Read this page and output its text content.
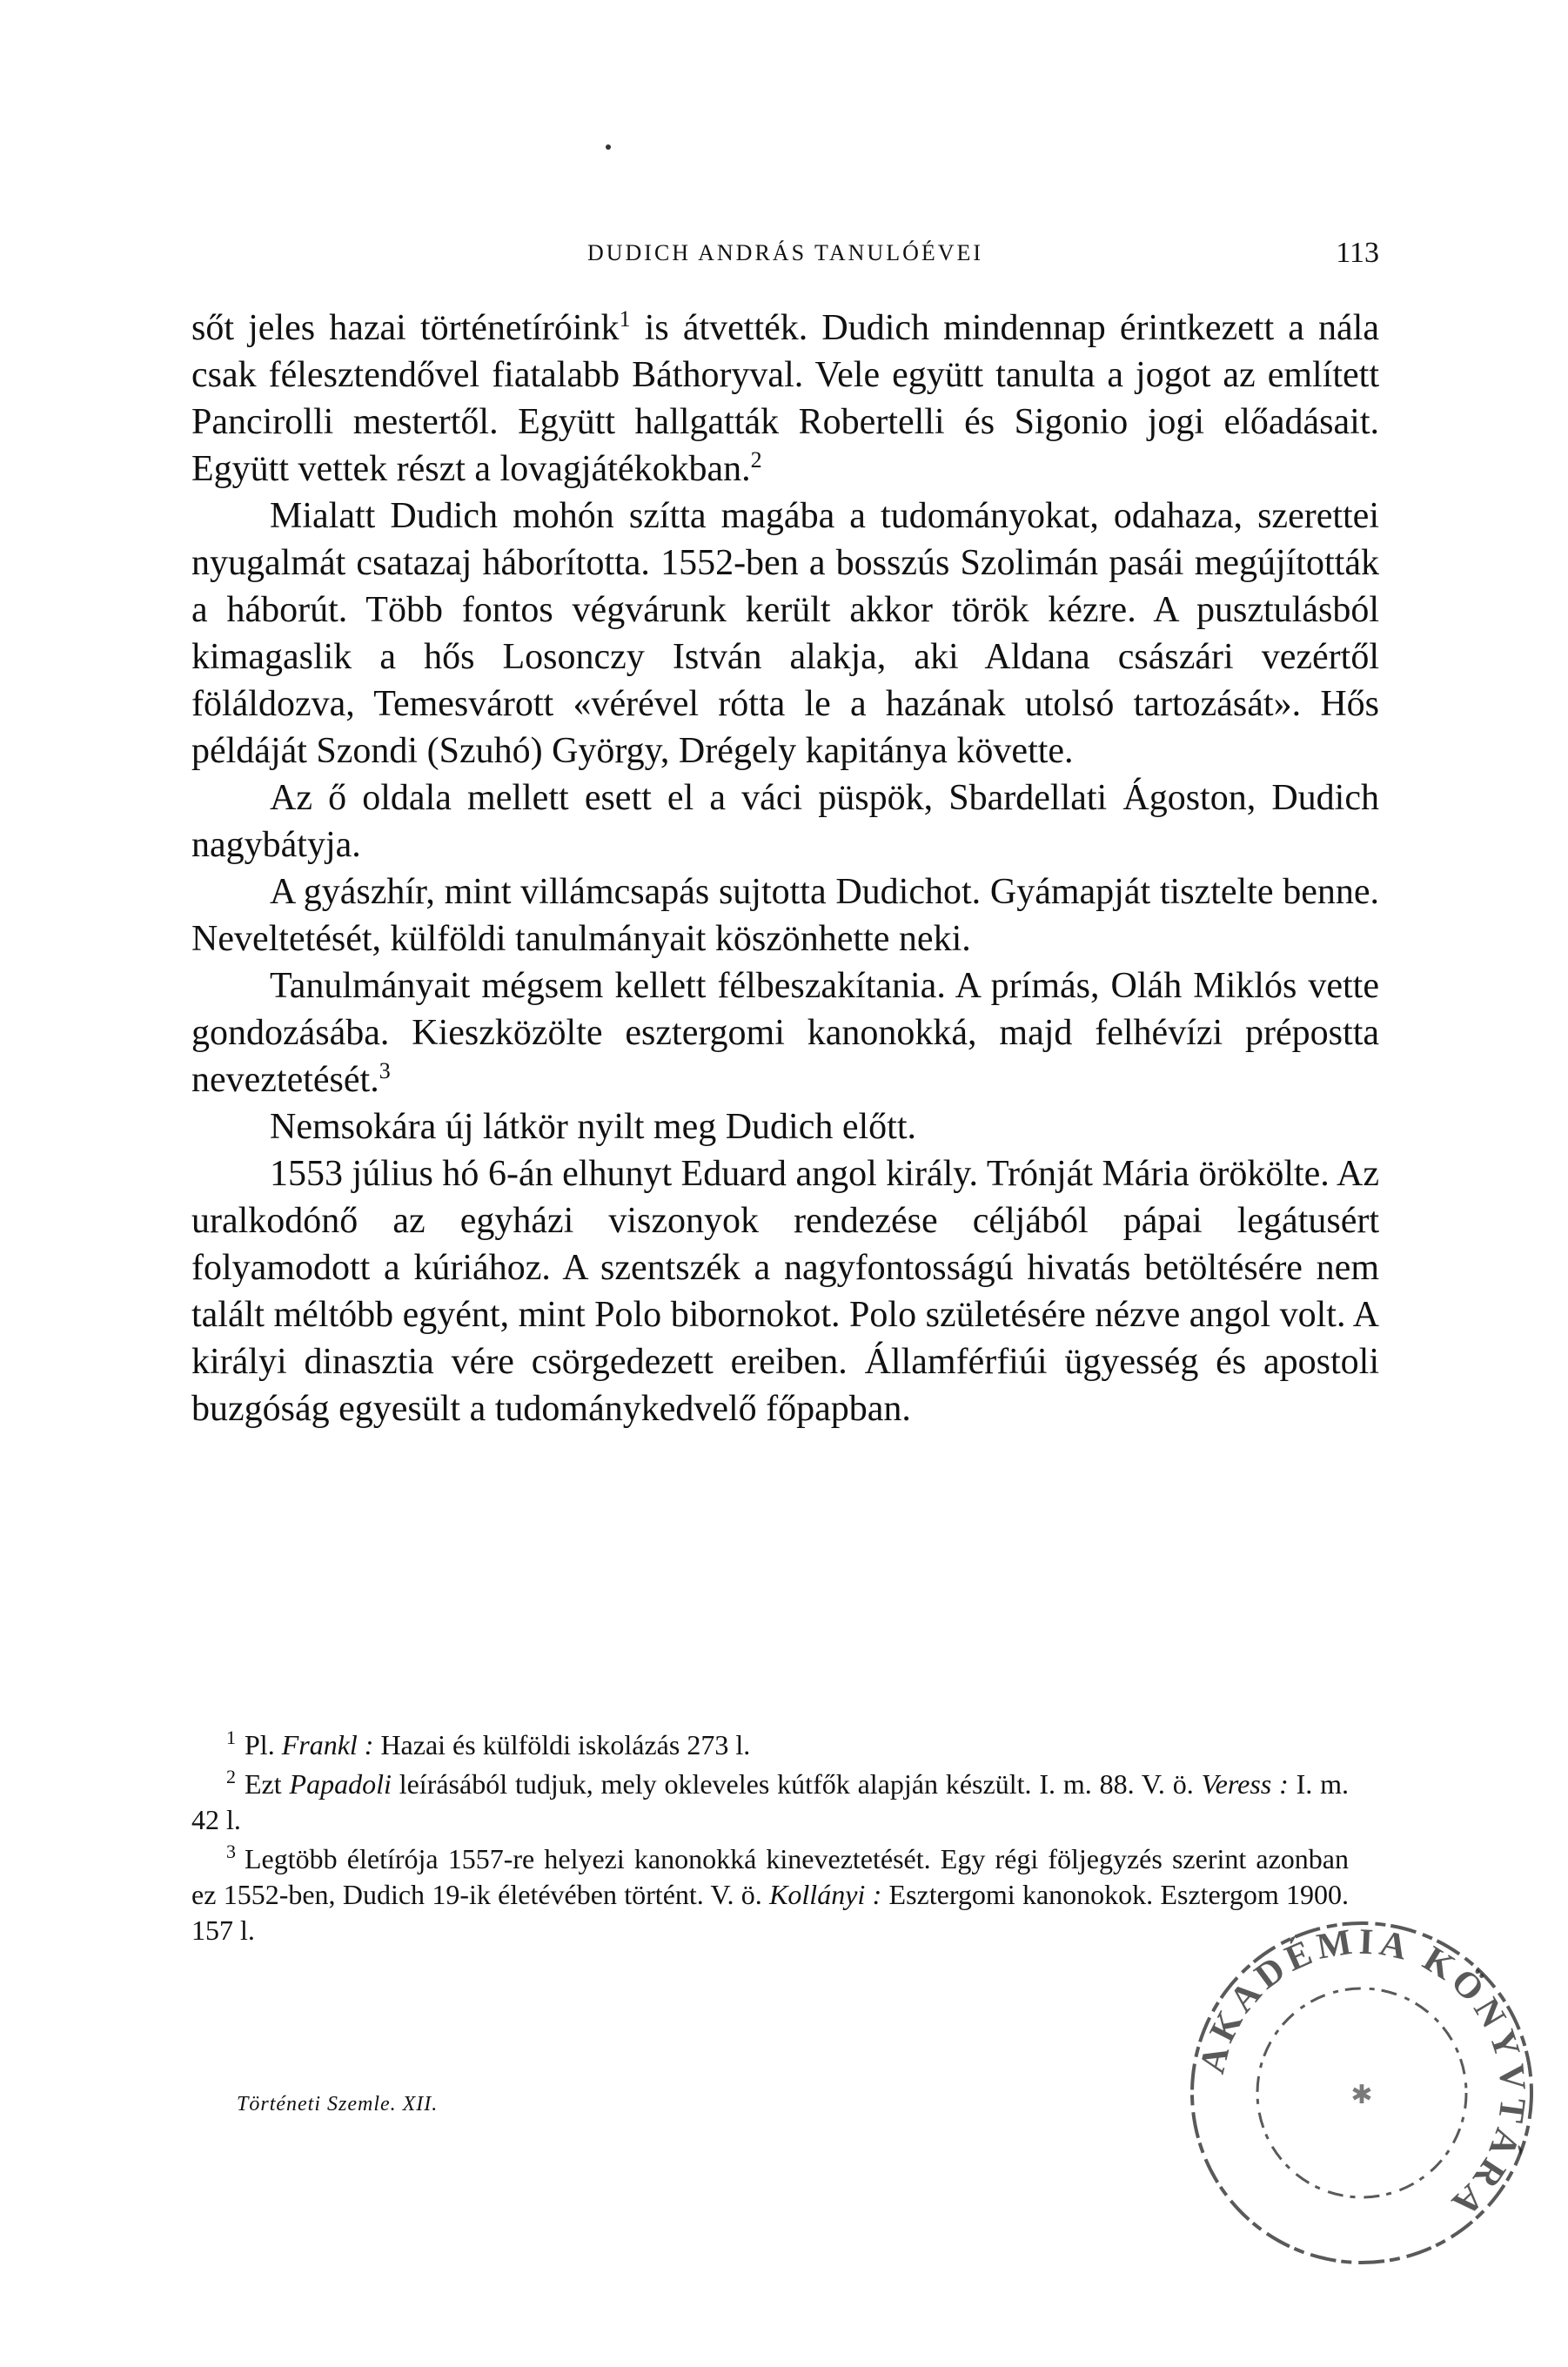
DUDICH ANDRÁS TANULÓÉVEI	113

sőt jeles hazai történetíróink$^1$ is átvették. Dudich mindennap érintkezett a nála csak félesztendővel fiatalabb Báthoryval. Vele együtt tanulta a jogot az említett Pancirolli mestertől. Együtt hallgatták Robertelli és Sigonio jogi előadásait. Együtt vettek részt a lovagjátékokban.$^2$

Mialatt Dudich mohón szítta magába a tudományokat, odahaza, szerettei nyugalmát csatazaj háborította. 1552-ben a bosszús Szolimán pasái megújították a háborút. Több fontos végvárunk került akkor török kézre. A pusztulásból kimagaslik a hős Losonczy István alakja, aki Aldana császári vezértől föláldozva, Temesvárott «vérével rótta le a hazának utolsó tartozását». Hős példáját Szondi (Szuhó) György, Drégely kapitánya követte.

Az ő oldala mellett esett el a váci püspök, Sbardellati Ágoston, Dudich nagybátyja.

A gyászhír, mint villámcsapás sujtotta Dudichot. Gyámapját tisztelte benne. Neveltetését, külföldi tanulmányait köszönhette neki.

Tanulmányait mégsem kellett félbeszakítania. A prímás, Oláh Miklós vette gondozásába. Kieszközölte esztergomi kanonokká, majd felhévízi prépostta neveztetését.$^3$

Nemsokára új látkör nyilt meg Dudich előtt.

1553 július hó 6-án elhunyt Eduard angol király. Trónját Mária örökölte. Az uralkodónő az egyházi viszonyok rendezése céljából pápai legátusért folyamodott a kúriához. A szentszék a nagyfontosságú hivatás betöltésére nem talált méltóbb egyént, mint Polo bibornokot. Polo születésére nézve angol volt. A királyi dinasztia vére csörgedezett ereiben. Államférfiúi ügyesség és apostoli buzgóság egyesült a tudománykedvelő főpapban.

$^1$ Pl. Frankl : Hazai és külföldi iskolázás 273 l.

$^2$ Ezt Papadoli leírásából tudjuk, mely okleveles kútfők alapján készült. I. m. 88. V. ö. Veress : I. m. 42 l.

$^3$ Legtöbb életírója 1557-re helyezi kanonokká kineveztetését. Egy régi följegyzés szerint azonban ez 1552-ben, Dudich 19-ik életévében történt. V. ö. Kollányi : Esztergomi kanonokok. Esztergom 1900. 157 l.

Történeti Szemle. XII.
AKADÉMIA KÖNYVTÁRA
✱
